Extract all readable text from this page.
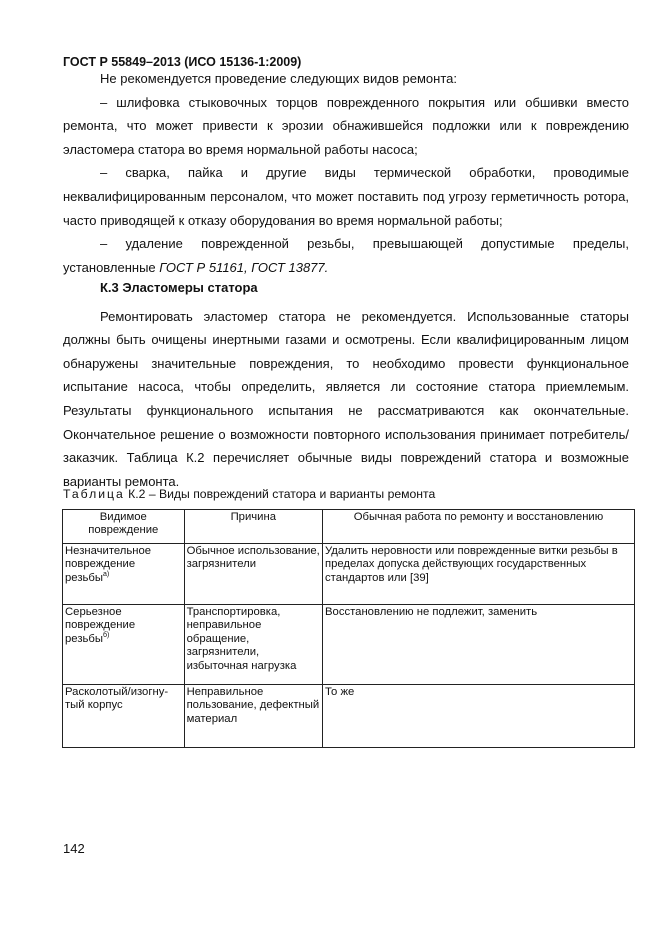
ГОСТ Р 55849–2013 (ИСО 15136-1:2009)

Не рекомендуется проведение следующих видов ремонта:

– шлифовка стыковочных торцов поврежденного покрытия или обшивки вместо ремонта, что может привести к эрозии обнажившейся подложки или к повреждению эластомера статора во время нормальной работы насоса;

– сварка, пайка и другие виды термической обработки, проводимые неквалифицированным персоналом, что может поставить под угрозу герметичность ротора, часто приводящей к отказу оборудования во время нормальной работы;

– удаление поврежденной резьбы, превышающей допустимые пределы, установленные ГОСТ Р 51161, ГОСТ 13877.

К.3 Эластомеры статора

Ремонтировать эластомер статора не рекомендуется. Использованные статоры должны быть очищены инертными газами и осмотрены. Если квалифицированным лицом обнаружены значительные повреждения, то необходимо провести функциональное испытание насоса, чтобы определить, является ли состояние статора приемлемым. Результаты функционального испытания не рассматриваются как окончательные. Окончательное решение о возможности повторного использования принимает потребитель/заказчик. Таблица К.2 перечисляет обычные виды повреждений статора и возможные варианты ремонта.

Таблица К.2 – Виды повреждений статора и варианты ремонта
Видимое повреждение	Причина	Обычная работа по ремонту и восстановлению
Незначительное повреждение резьбы$^{а)}$	Обычное использование, загрязнители	Удалить неровности или поврежденные витки резьбы в пределах допуска действующих государственных стандартов или [39]
Серьезное повреждение резьбы$^{б)}$	Транспортировка, неправильное обращение, загрязнители, избыточная нагрузка	Восстановлению не подлежит, заменить
Расколотый/изогну-тый корпус	Неправильное пользование, дефектный материал	То же
142
